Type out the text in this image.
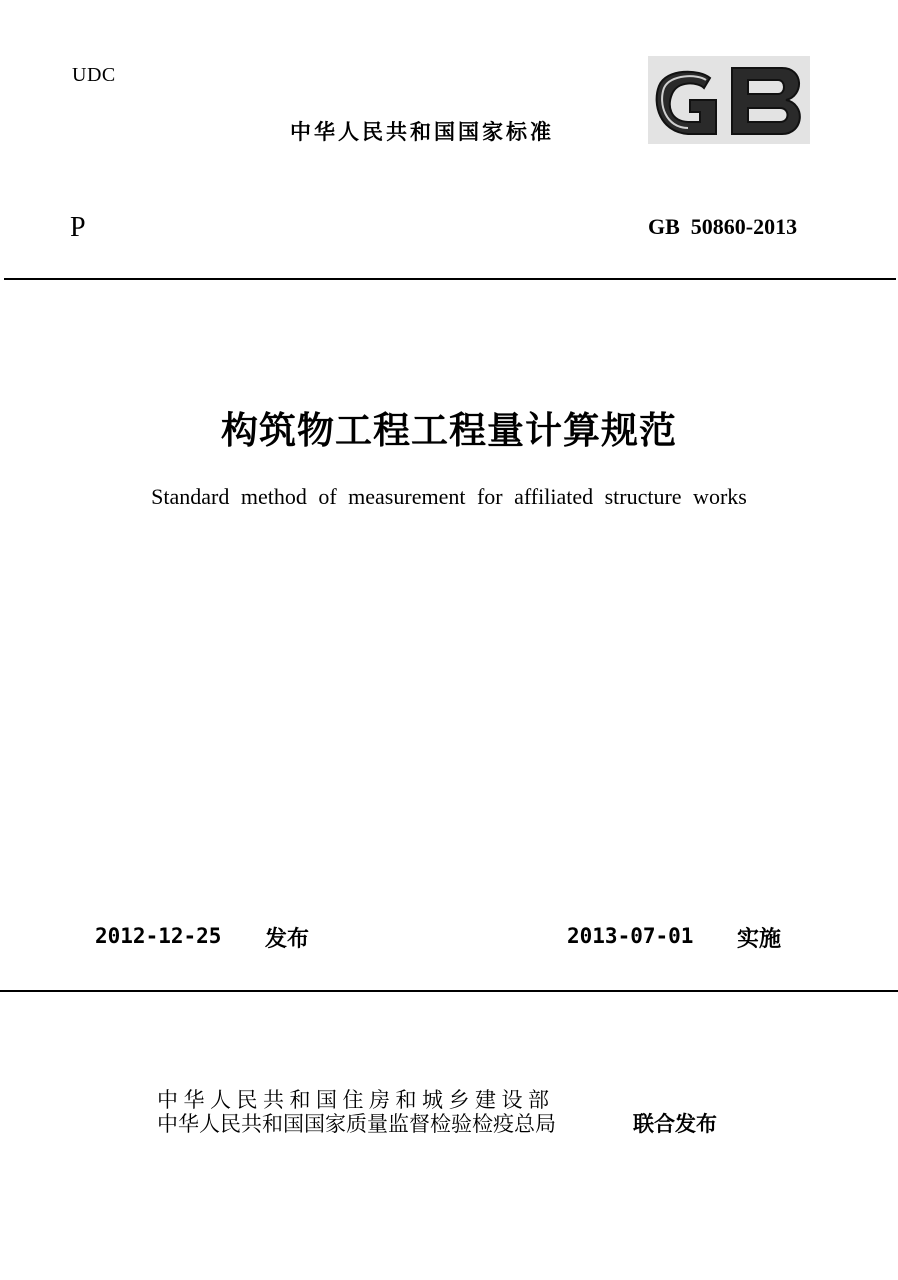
UDC
中华人民共和国国家标准
P	GB  50860-2013
构筑物工程工程量计算规范
Standard method of measurement for affiliated structure works
2012-12-25 发布	2013-07-01 实施
中华人民共和国住房和城乡建设部
中华人民共和国国家质量监督检验检疫总局	联合发布
